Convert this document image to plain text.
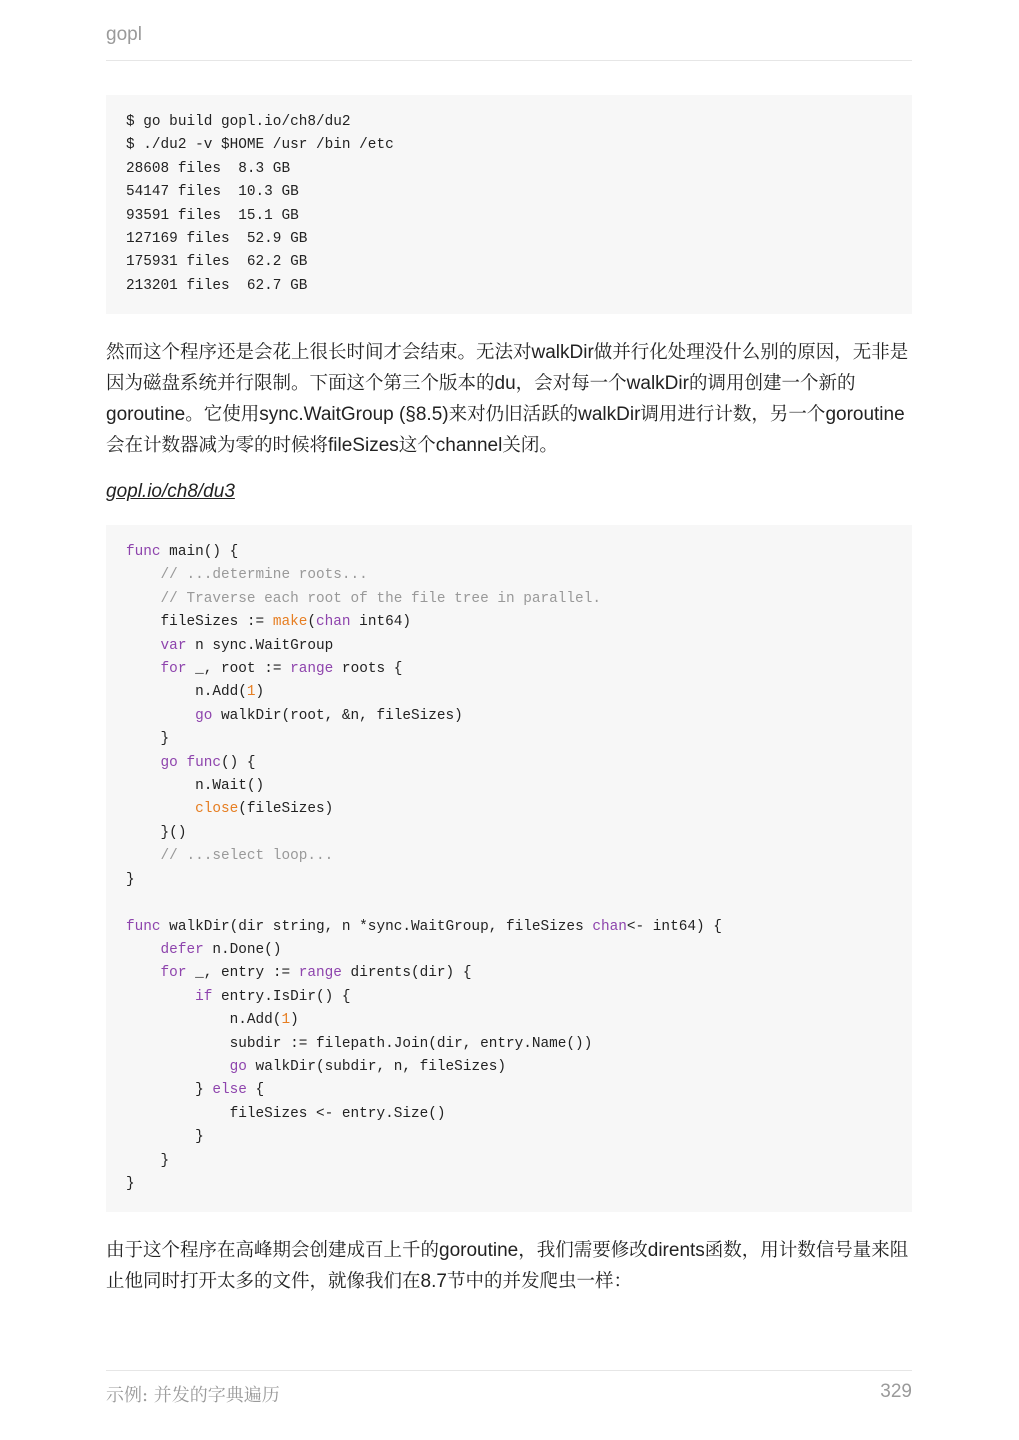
gopl
$ go build gopl.io/ch8/du2
$ ./du2 -v $HOME /usr /bin /etc
28608 files  8.3 GB
54147 files  10.3 GB
93591 files  15.1 GB
127169 files  52.9 GB
175931 files  62.2 GB
213201 files  62.7 GB

然而这个程序还是会花上很长时间才会结束。无法对walkDir做并行化处理没什么别的原因，无非是因为磁盘系统并行限制。下面这个第三个版本的du，会对每一个walkDir的调用创建一个新的goroutine。它使用sync.WaitGroup (§8.5)来对仍旧活跃的walkDir调用进行计数，另一个goroutine会在计数器减为零的时候将fileSizes这个channel关闭。

gopl.io/ch8/du3
func main() {
// ...determine roots...
// Traverse each root of the file tree in parallel.
fileSizes := make(chan int64)
var n sync.WaitGroup
for _, root := range roots {
n.Add(1)
go walkDir(root, &n, fileSizes)
}
go func() {
n.Wait()
close(fileSizes)
}()
// ...select loop...
}

func walkDir(dir string, n *sync.WaitGroup, fileSizes chan<- int64) {
defer n.Done()
for _, entry := range dirents(dir) {
if entry.IsDir() {
n.Add(1)
subdir := filepath.Join(dir, entry.Name())
go walkDir(subdir, n, fileSizes)
} else {
fileSizes <- entry.Size()
}
}
}

由于这个程序在高峰期会创建成百上千的goroutine，我们需要修改dirents函数，用计数信号量来阻止他同时打开太多的文件，就像我们在8.7节中的并发爬虫一样：

示例: 并发的字典遍历	329
